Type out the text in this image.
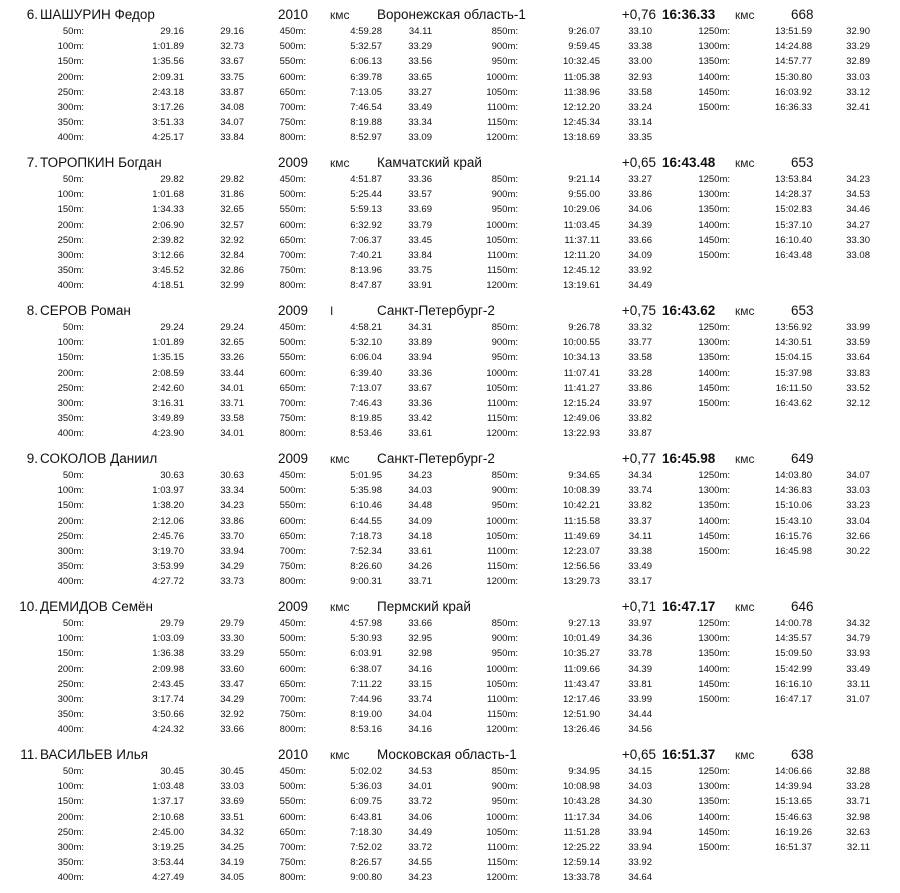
6. ШАШУРИН Федор	2010 кмс Воронежская область-1	+0,76 16:36.33 кмс	668
50m:	29.16	29.16
100m:	1:01.89	32.73
150m:	1:35.56	33.67
200m:	2:09.31	33.75
250m:	2:43.18	33.87
300m:	3:17.26	34.08
350m:	3:51.33	34.07
400m:	4:25.17	33.84
450m:	4:59.28	34.11
500m:	5:32.57	33.29
550m:	6:06.13	33.56
600m:	6:39.78	33.65
650m:	7:13.05	33.27
700m:	7:46.54	33.49
750m:	8:19.88	33.34
800m:	8:52.97	33.09
850m:	9:26.07	33.10
900m:	9:59.45	33.38
950m:	10:32.45	33.00
1000m:	11:05.38	32.93
1050m:	11:38.96	33.58
1100m:	12:12.20	33.24
1150m:	12:45.34	33.14
1200m:	13:18.69	33.35
1250m:	13:51.59	32.90
1300m:	14:24.88	33.29
1350m:	14:57.77	32.89
1400m:	15:30.80	33.03
1450m:	16:03.92	33.12
1500m:	16:36.33	32.41
7. ТОРОПКИН Богдан	2009 кмс Камчатский край	+0,65 16:43.48 кмс	653
50m:	29.82	29.82
100m:	1:01.68	31.86
150m:	1:34.33	32.65
200m:	2:06.90	32.57
250m:	2:39.82	32.92
300m:	3:12.66	32.84
350m:	3:45.52	32.86
400m:	4:18.51	32.99
450m:	4:51.87	33.36
500m:	5:25.44	33.57
550m:	5:59.13	33.69
600m:	6:32.92	33.79
650m:	7:06.37	33.45
700m:	7:40.21	33.84
750m:	8:13.96	33.75
800m:	8:47.87	33.91
850m:	9:21.14	33.27
900m:	9:55.00	33.86
950m:	10:29.06	34.06
1000m:	11:03.45	34.39
1050m:	11:37.11	33.66
1100m:	12:11.20	34.09
1150m:	12:45.12	33.92
1200m:	13:19.61	34.49
1250m:	13:53.84	34.23
1300m:	14:28.37	34.53
1350m:	15:02.83	34.46
1400m:	15:37.10	34.27
1450m:	16:10.40	33.30
1500m:	16:43.48	33.08
8. СЕРОВ Роман	2009 I	Санкт-Петербург-2	+0,75 16:43.62 кмс	653
50m:	29.24	29.24
100m:	1:01.89	32.65
150m:	1:35.15	33.26
200m:	2:08.59	33.44
250m:	2:42.60	34.01
300m:	3:16.31	33.71
350m:	3:49.89	33.58
400m:	4:23.90	34.01
450m:	4:58.21	34.31
500m:	5:32.10	33.89
550m:	6:06.04	33.94
600m:	6:39.40	33.36
650m:	7:13.07	33.67
700m:	7:46.43	33.36
750m:	8:19.85	33.42
800m:	8:53.46	33.61
850m:	9:26.78	33.32
900m:	10:00.55	33.77
950m:	10:34.13	33.58
1000m:	11:07.41	33.28
1050m:	11:41.27	33.86
1100m:	12:15.24	33.97
1150m:	12:49.06	33.82
1200m:	13:22.93	33.87
1250m:	13:56.92	33.99
1300m:	14:30.51	33.59
1350m:	15:04.15	33.64
1400m:	15:37.98	33.83
1450m:	16:11.50	33.52
1500m:	16:43.62	32.12
9. СОКОЛОВ Даниил	2009 кмс Санкт-Петербург-2	+0,77 16:45.98 кмс	649
50m:	30.63	30.63
100m:	1:03.97	33.34
150m:	1:38.20	34.23
200m:	2:12.06	33.86
250m:	2:45.76	33.70
300m:	3:19.70	33.94
350m:	3:53.99	34.29
400m:	4:27.72	33.73
450m:	5:01.95	34.23
500m:	5:35.98	34.03
550m:	6:10.46	34.48
600m:	6:44.55	34.09
650m:	7:18.73	34.18
700m:	7:52.34	33.61
750m:	8:26.60	34.26
800m:	9:00.31	33.71
850m:	9:34.65	34.34
900m:	10:08.39	33.74
950m:	10:42.21	33.82
1000m:	11:15.58	33.37
1050m:	11:49.69	34.11
1100m:	12:23.07	33.38
1150m:	12:56.56	33.49
1200m:	13:29.73	33.17
1250m:	14:03.80	34.07
1300m:	14:36.83	33.03
1350m:	15:10.06	33.23
1400m:	15:43.10	33.04
1450m:	16:15.76	32.66
1500m:	16:45.98	30.22
10. ДЕМИДОВ Семён	2009 кмс Пермский край	+0,71 16:47.17 кмс	646
50m:	29.79	29.79
100m:	1:03.09	33.30
150m:	1:36.38	33.29
200m:	2:09.98	33.60
250m:	2:43.45	33.47
300m:	3:17.74	34.29
350m:	3:50.66	32.92
400m:	4:24.32	33.66
450m:	4:57.98	33.66
500m:	5:30.93	32.95
550m:	6:03.91	32.98
600m:	6:38.07	34.16
650m:	7:11.22	33.15
700m:	7:44.96	33.74
750m:	8:19.00	34.04
800m:	8:53.16	34.16
850m:	9:27.13	33.97
900m:	10:01.49	34.36
950m:	10:35.27	33.78
1000m:	11:09.66	34.39
1050m:	11:43.47	33.81
1100m:	12:17.46	33.99
1150m:	12:51.90	34.44
1200m:	13:26.46	34.56
1250m:	14:00.78	34.32
1300m:	14:35.57	34.79
1350m:	15:09.50	33.93
1400m:	15:42.99	33.49
1450m:	16:16.10	33.11
1500m:	16:47.17	31.07
11. ВАСИЛЬЕВ Илья	2010 кмс Московская область-1	+0,65 16:51.37 кмс	638
50m:	30.45	30.45
100m:	1:03.48	33.03
150m:	1:37.17	33.69
200m:	2:10.68	33.51
250m:	2:45.00	34.32
300m:	3:19.25	34.25
350m:	3:53.44	34.19
400m:	4:27.49	34.05
450m:	5:02.02	34.53
500m:	5:36.03	34.01
550m:	6:09.75	33.72
600m:	6:43.81	34.06
650m:	7:18.30	34.49
700m:	7:52.02	33.72
750m:	8:26.57	34.55
800m:	9:00.80	34.23
850m:	9:34.95	34.15
900m:	10:08.98	34.03
950m:	10:43.28	34.30
1000m:	11:17.34	34.06
1050m:	11:51.28	33.94
1100m:	12:25.22	33.94
1150m:	12:59.14	33.92
1200m:	13:33.78	34.64
1250m:	14:06.66	32.88
1300m:	14:39.94	33.28
1350m:	15:13.65	33.71
1400m:	15:46.63	32.98
1450m:	16:19.26	32.63
1500m:	16:51.37	32.11
